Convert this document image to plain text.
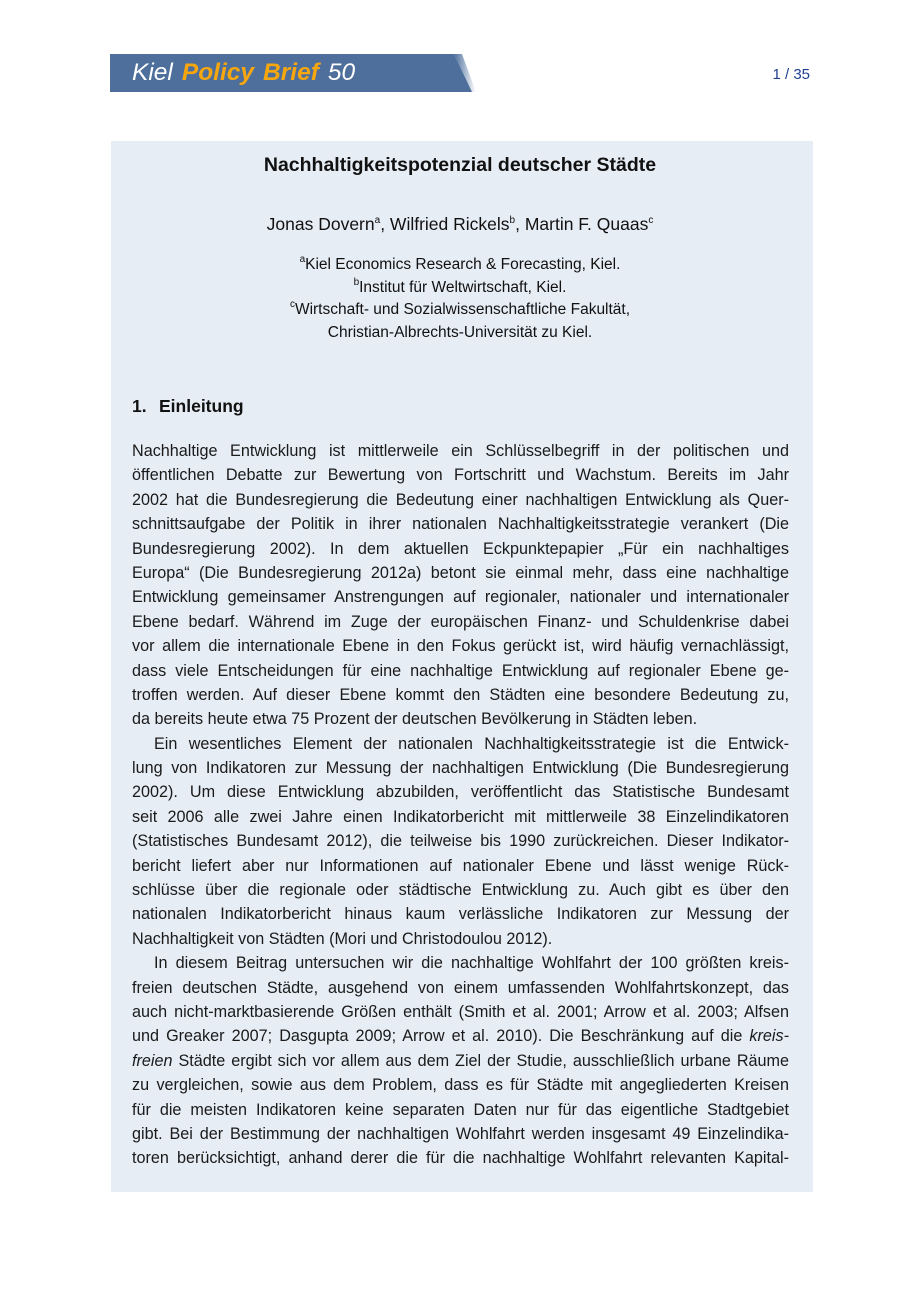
Kiel Policy Brief 50	1 / 35
Nachhaltigkeitspotenzial deutscher Städte
Jonas Dovern$^a$, Wilfried Rickels$^b$, Martin F. Quaas$^c$
$^a$Kiel Economics Research & Forecasting, Kiel.
$^b$Institut für Weltwirtschaft, Kiel.
$^c$Wirtschaft- und Sozialwissenschaftliche Fakultät,
Christian-Albrechts-Universität zu Kiel.
1. Einleitung
Nachhaltige Entwicklung ist mittlerweile ein Schlüsselbegriff in der politischen und
öffentlichen Debatte zur Bewertung von Fortschritt und Wachstum. Bereits im Jahr
2002 hat die Bundesregierung die Bedeutung einer nachhaltigen Entwicklung als Quer-
schnittsaufgabe der Politik in ihrer nationalen Nachhaltigkeitsstrategie verankert (Die
Bundesregierung 2002). In dem aktuellen Eckpunktepapier „Für ein nachhaltiges
Europa“ (Die Bundesregierung 2012a) betont sie einmal mehr, dass eine nachhaltige
Entwicklung gemeinsamer Anstrengungen auf regionaler, nationaler und internationaler
Ebene bedarf. Während im Zuge der europäischen Finanz- und Schuldenkrise dabei
vor allem die internationale Ebene in den Fokus gerückt ist, wird häufig vernachlässigt,
dass viele Entscheidungen für eine nachhaltige Entwicklung auf regionaler Ebene ge-
troffen werden. Auf dieser Ebene kommt den Städten eine besondere Bedeutung zu,
da bereits heute etwa 75 Prozent der deutschen Bevölkerung in Städten leben.
Ein wesentliches Element der nationalen Nachhaltigkeitsstrategie ist die Entwick-
lung von Indikatoren zur Messung der nachhaltigen Entwicklung (Die Bundesregierung
2002). Um diese Entwicklung abzubilden, veröffentlicht das Statistische Bundesamt
seit 2006 alle zwei Jahre einen Indikatorbericht mit mittlerweile 38 Einzelindikatoren
(Statistisches Bundesamt 2012), die teilweise bis 1990 zurückreichen. Dieser Indikator-
bericht liefert aber nur Informationen auf nationaler Ebene und lässt wenige Rück-
schlüsse über die regionale oder städtische Entwicklung zu. Auch gibt es über den
nationalen Indikatorbericht hinaus kaum verlässliche Indikatoren zur Messung der
Nachhaltigkeit von Städten (Mori und Christodoulou 2012).
In diesem Beitrag untersuchen wir die nachhaltige Wohlfahrt der 100 größten kreis-
freien deutschen Städte, ausgehend von einem umfassenden Wohlfahrtskonzept, das
auch nicht-marktbasierende Größen enthält (Smith et al. 2001; Arrow et al. 2003; Alfsen
und Greaker 2007; Dasgupta 2009; Arrow et al. 2010). Die Beschränkung auf die kreis-
freien Städte ergibt sich vor allem aus dem Ziel der Studie, ausschließlich urbane Räume
zu vergleichen, sowie aus dem Problem, dass es für Städte mit angegliederten Kreisen
für die meisten Indikatoren keine separaten Daten nur für das eigentliche Stadtgebiet
gibt. Bei der Bestimmung der nachhaltigen Wohlfahrt werden insgesamt 49 Einzelindika-
toren berücksichtigt, anhand derer die für die nachhaltige Wohlfahrt relevanten Kapital-
